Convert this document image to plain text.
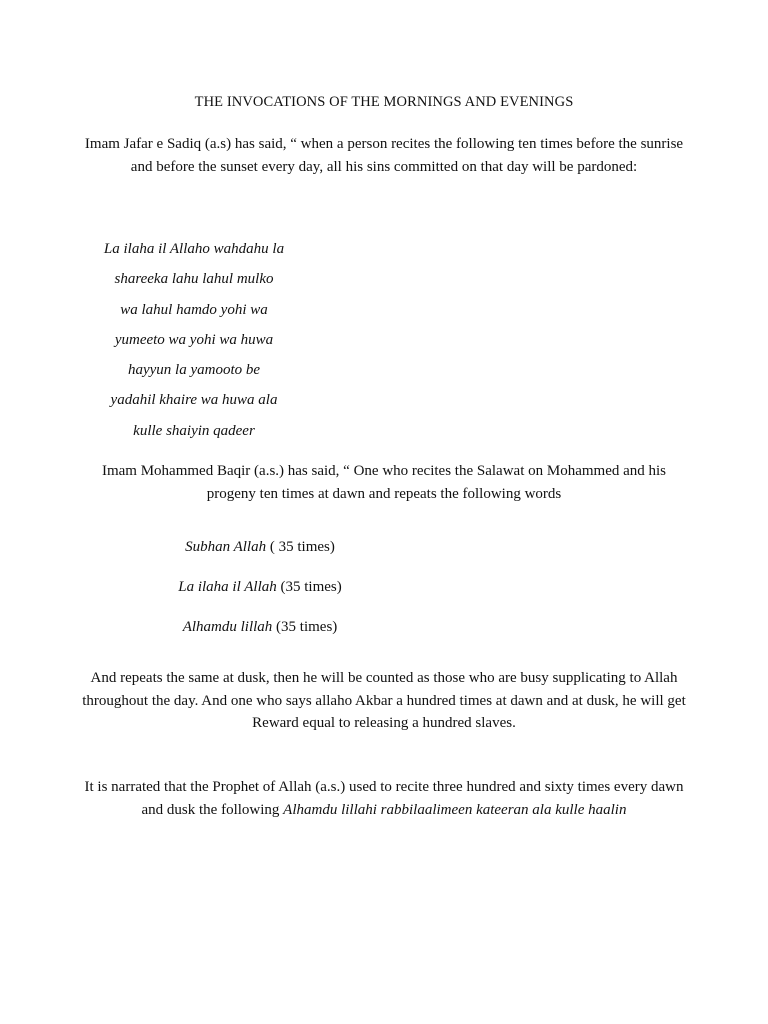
THE INVOCATIONS OF THE MORNINGS AND EVENINGS
Imam Jafar e Sadiq (a.s) has said, “ when a person recites the following ten times before the sunrise and before the sunset every day, all his sins committed on that day will be pardoned:
La ilaha il Allaho wahdahu la
shareeka lahu lahul mulko
wa lahul hamdo yohi wa
yumeeto wa yohi wa huwa
hayyun la yamooto be
yadahil khaire wa huwa ala
kulle shaiyin qadeer
Imam Mohammed Baqir (a.s.) has said, “ One who recites the Salawat on Mohammed and his progeny ten times at dawn and repeats the following words
Subhan Allah ( 35 times)
La ilaha il Allah (35 times)
Alhamdu lillah (35 times)
And repeats the same at dusk, then he will be counted as those who are busy supplicating to Allah throughout the day. And one who says allaho Akbar a hundred times at dawn and at dusk, he will get Reward equal to releasing a hundred slaves.
It is narrated that the Prophet of Allah (a.s.) used to recite three hundred and sixty times every dawn and dusk the following Alhamdu lillahi rabbilaalimeen kateeran ala kulle haalin
